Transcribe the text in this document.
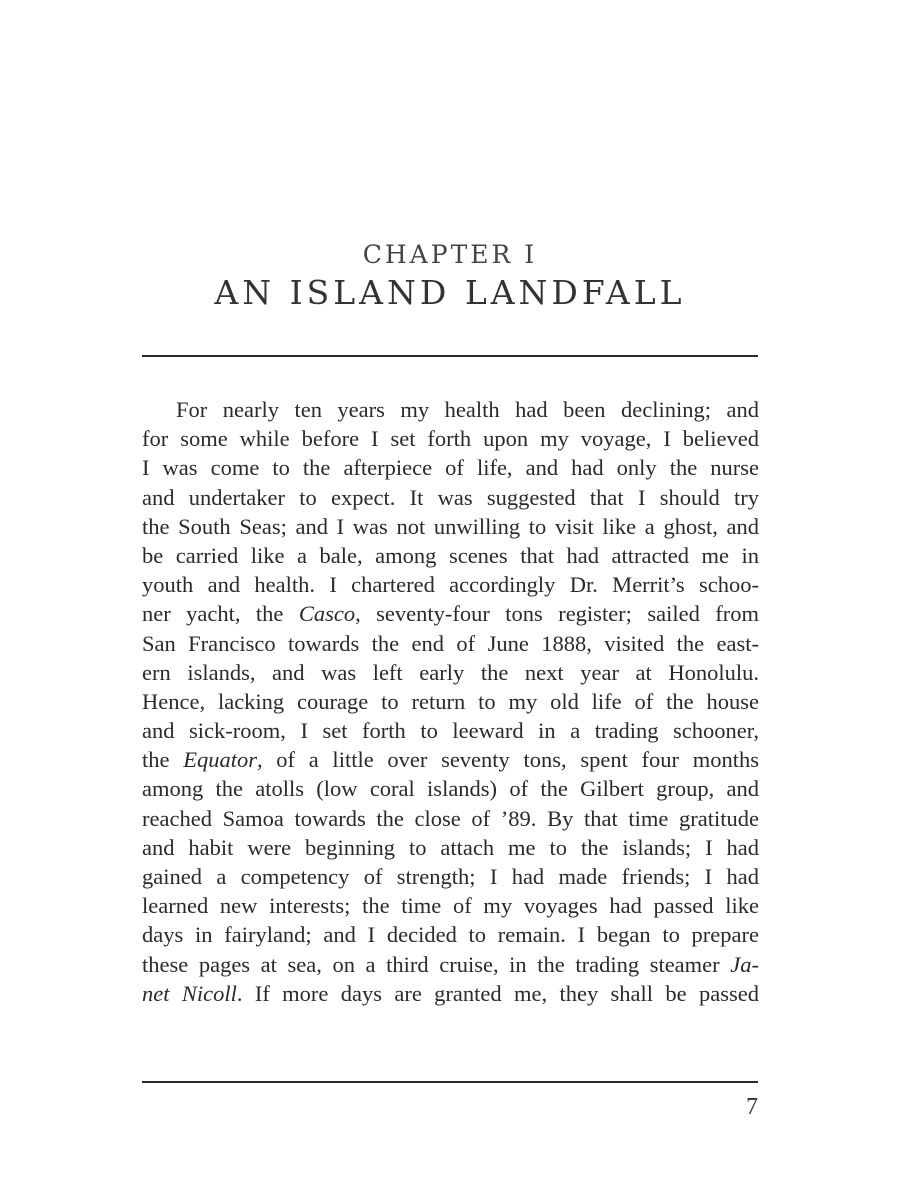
CHAPTER I
AN ISLAND LANDFALL
For nearly ten years my health had been declining; and
for some while before I set forth upon my voyage, I believed
I was come to the afterpiece of life, and had only the nurse
and undertaker to expect. It was suggested that I should try
the South Seas; and I was not unwilling to visit like a ghost, and
be carried like a bale, among scenes that had attracted me in
youth and health. I chartered accordingly Dr. Merrit’s schoo-
ner yacht, the Casco, seventy-four tons register; sailed from
San Francisco towards the end of June 1888, visited the east-
ern islands, and was left early the next year at Honolulu.
Hence, lacking courage to return to my old life of the house
and sick-room, I set forth to leeward in a trading schooner,
the Equator, of a little over seventy tons, spent four months
among the atolls (low coral islands) of the Gilbert group, and
reached Samoa towards the close of ’89. By that time gratitude
and habit were beginning to attach me to the islands; I had
gained a competency of strength; I had made friends; I had
learned new interests; the time of my voyages had passed like
days in fairyland; and I decided to remain. I began to prepare
these pages at sea, on a third cruise, in the trading steamer Ja-
net Nicoll. If more days are granted me, they shall be passed
7
